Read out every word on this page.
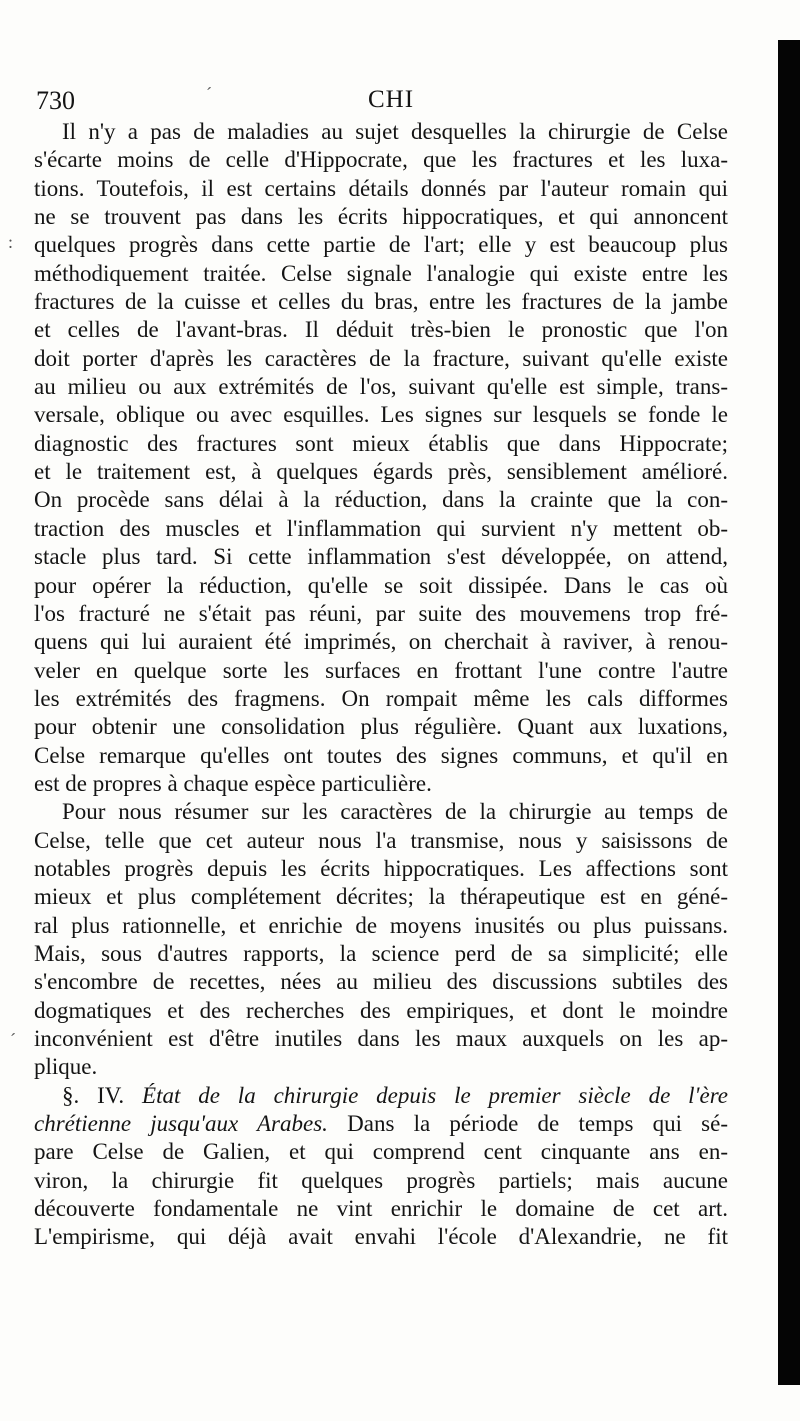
730	CHI
Il n'y a pas de maladies au sujet desquelles la chirurgie de Celse
s'écarte moins de celle d'Hippocrate, que les fractures et les luxa-
tions. Toutefois, il est certains détails donnés par l'auteur romain qui
ne se trouvent pas dans les écrits hippocratiques, et qui annoncent
quelques progrès dans cette partie de l'art; elle y est beaucoup plus
méthodiquement traitée. Celse signale l'analogie qui existe entre les
fractures de la cuisse et celles du bras, entre les fractures de la jambe
et celles de l'avant-bras. Il déduit très-bien le pronostic que l'on
doit porter d'après les caractères de la fracture, suivant qu'elle existe
au milieu ou aux extrémités de l'os, suivant qu'elle est simple, trans-
versale, oblique ou avec esquilles. Les signes sur lesquels se fonde le
diagnostic des fractures sont mieux établis que dans Hippocrate;
et le traitement est, à quelques égards près, sensiblement amélioré.
On procède sans délai à la réduction, dans la crainte que la con-
traction des muscles et l'inflammation qui survient n'y mettent ob-
stacle plus tard. Si cette inflammation s'est développée, on attend,
pour opérer la réduction, qu'elle se soit dissipée. Dans le cas où
l'os fracturé ne s'était pas réuni, par suite des mouvemens trop fré-
quens qui lui auraient été imprimés, on cherchait à raviver, à renou-
veler en quelque sorte les surfaces en frottant l'une contre l'autre
les extrémités des fragmens. On rompait même les cals difformes
pour obtenir une consolidation plus régulière. Quant aux luxations,
Celse remarque qu'elles ont toutes des signes communs, et qu'il en
est de propres à chaque espèce particulière.
Pour nous résumer sur les caractères de la chirurgie au temps de
Celse, telle que cet auteur nous l'a transmise, nous y saisissons de
notables progrès depuis les écrits hippocratiques. Les affections sont
mieux et plus complétement décrites; la thérapeutique est en géné-
ral plus rationnelle, et enrichie de moyens inusités ou plus puissans.
Mais, sous d'autres rapports, la science perd de sa simplicité; elle
s'encombre de recettes, nées au milieu des discussions subtiles des
dogmatiques et des recherches des empiriques, et dont le moindre
inconvénient est d'être inutiles dans les maux auxquels on les ap-
plique.
§. IV. État de la chirurgie depuis le premier siècle de l'ère
chrétienne jusqu'aux Arabes. Dans la période de temps qui sé-
pare Celse de Galien, et qui comprend cent cinquante ans en-
viron, la chirurgie fit quelques progrès partiels; mais aucune
découverte fondamentale ne vint enrichir le domaine de cet art.
L'empirisme, qui déjà avait envahi l'école d'Alexandrie, ne fit
:
´
´
